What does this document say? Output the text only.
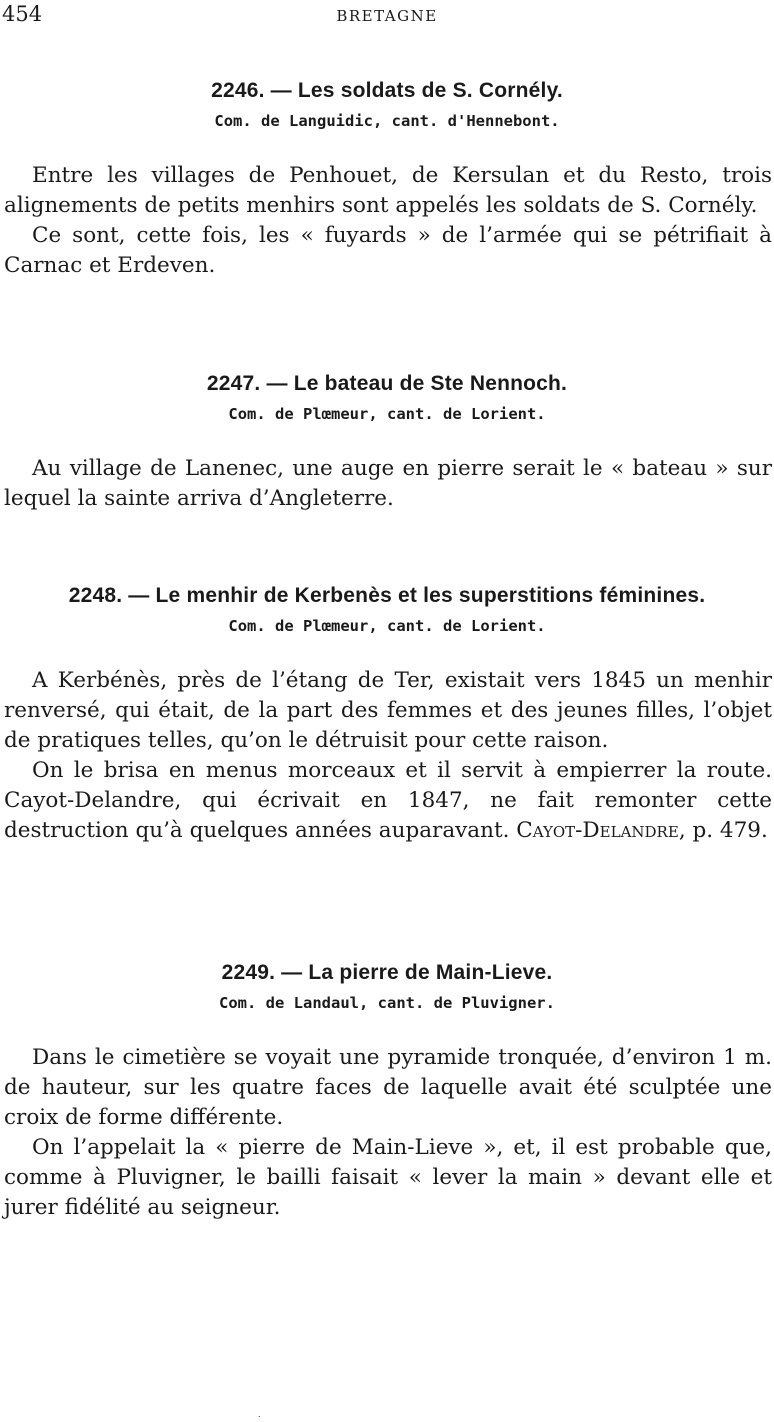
454	BRETAGNE
2246. — Les soldats de S. Cornély.
Com. de Languidic, cant. d'Hennebont.

Entre les villages de Penhouet, de Kersulan et du Resto, trois alignements de petits menhirs sont appelés les soldats de S. Cornély.

Ce sont, cette fois, les « fuyards » de l’armée qui se pétrifiait à Carnac et Erdeven.

2247. — Le bateau de Ste Nennoch.
Com. de Plœmeur, cant. de Lorient.

Au village de Lanenec, une auge en pierre serait le « bateau » sur lequel la sainte arriva d’Angleterre.

2248. — Le menhir de Kerbenès et les superstitions féminines.
Com. de Plœmeur, cant. de Lorient.

A Kerbénès, près de l’étang de Ter, existait vers 1845 un menhir renversé, qui était, de la part des femmes et des jeunes filles, l’objet de pratiques telles, qu’on le détruisit pour cette raison.

On le brisa en menus morceaux et il servit à empierrer la route. Cayot-Delandre, qui écrivait en 1847, ne fait remonter cette destruction qu’à quelques années auparavant. Cayot-Delandre, p. 479.

2249. — La pierre de Main-Lieve.
Com. de Landaul, cant. de Pluvigner.

Dans le cimetière se voyait une pyramide tronquée, d’environ 1 m. de hauteur, sur les quatre faces de laquelle avait été sculptée une croix de forme différente.

On l’appelait la « pierre de Main-Lieve », et, il est probable que, comme à Pluvigner, le bailli faisait « lever la main » devant elle et jurer fidélité au seigneur.

.
